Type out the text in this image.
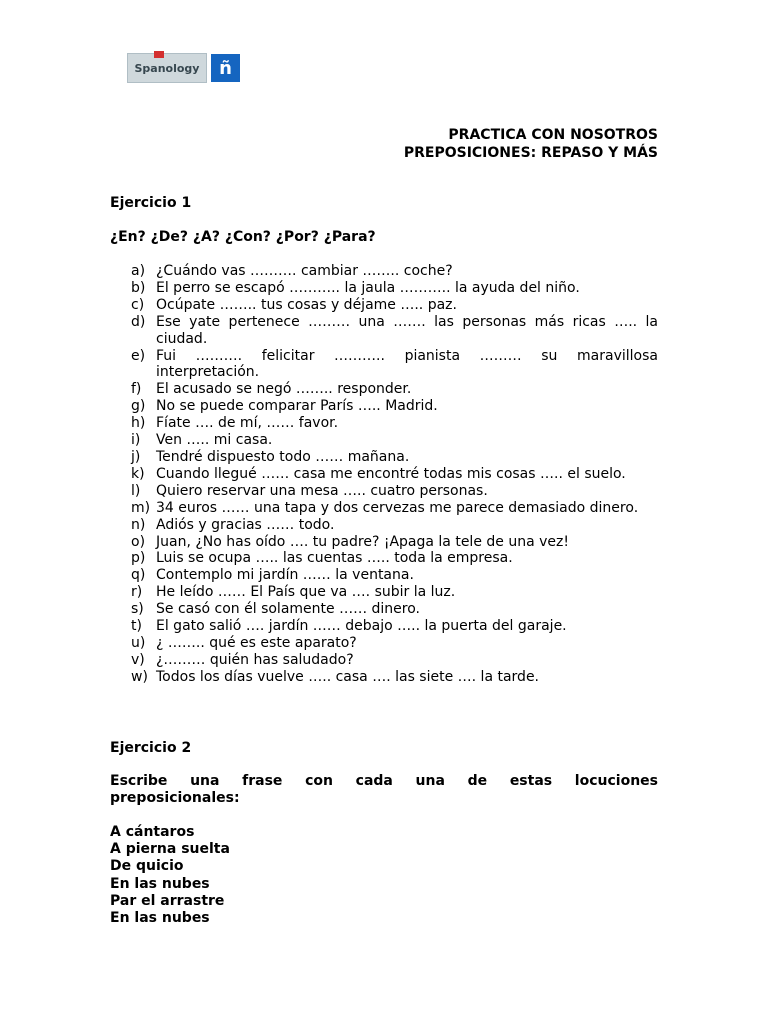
Spanology	ñ
PRACTICA CON NOSOTROS
PREPOSICIONES: REPASO Y MÁS
Ejercicio 1
¿En? ¿De? ¿A? ¿Con? ¿Por? ¿Para?
a) ¿Cuándo vas ………. cambiar …….. coche?
b) El perro se escapó ……….. la jaula ……….. la ayuda del niño.
c) Ocúpate …….. tus cosas y déjame ….. paz.
d) Ese yate pertenece ……… una ……. las personas más ricas ….. la ciudad.
e) Fui ………. felicitar ……….. pianista ……… su maravillosa interpretación.
f)	El acusado se negó …….. responder.
g) No se puede comparar París ….. Madrid.
h) Fíate …. de mí, …… favor.
i)	Ven ….. mi casa.
j)	Tendré dispuesto todo …… mañana.
k) Cuando llegué …… casa me encontré todas mis cosas ….. el suelo.
l)	Quiero reservar una mesa ….. cuatro personas.
m) 34 euros …… una tapa y dos cervezas me parece demasiado dinero.
n) Adiós y gracias …… todo.
o) Juan, ¿No has oído …. tu padre? ¡Apaga la tele de una vez!
p) Luis se ocupa ….. las cuentas ….. toda la empresa.
q) Contemplo mi jardín …… la ventana.
r) He leído …… El País que va …. subir la luz.
s) Se casó con él solamente …… dinero.
t)	El gato salió …. jardín …… debajo ….. la puerta del garaje.
u) ¿ …….. qué es este aparato?
v) ¿……… quién has saludado?
w) Todos los días vuelve ….. casa …. las siete …. la tarde.
Ejercicio 2
Escribe una frase con cada una de estas locuciones
preposicionales:
A cántaros
A pierna suelta
De quicio
En las nubes
Par el arrastre
En las nubes
